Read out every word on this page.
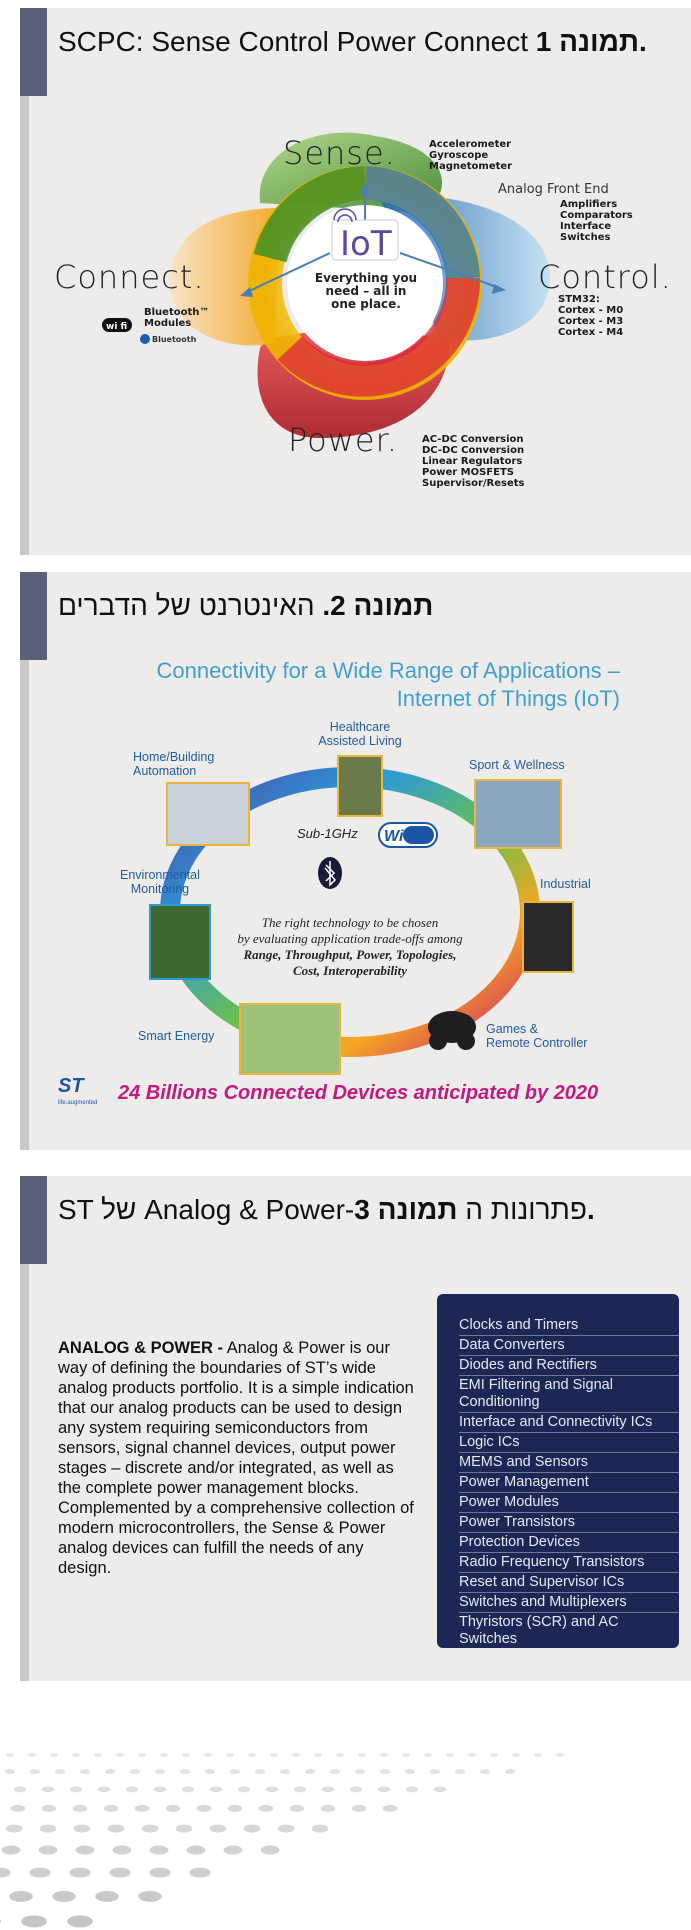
SCPC: Sense Control Power Connect תמונה 1.
IoT
wi fi
Bluetooth
Sense.	Accelerometer
Gyroscope
Magnetometer
Analog Front End
Amplifiers
Comparators
Interface
Switches
Control.
STM32:
Cortex - M0
Cortex - M3
Cortex - M4
Connect.
Bluetooth™
Modules
Power. AC-DC Conversion
DC-DC Conversion
Linear Regulators
Power MOSFETS
Supervisor/Resets
Everything you
need – all in
one place.
תמונה 2. האינטרנט של הדברים
Connectivity for a Wide Range of Applications –
Internet of Things (IoT)
Wi Fi
ST
life.augmented
Healthcare
Assisted Living
Home/Building
Automation	Sport & Wellness
Environmental
Monitoring	Industrial
Smart Energy	Games &
Remote Controller
Sub-1GHz
The right technology to be chosen
by evaluating application trade-offs among
Range, Throughput, Power, Topologies,
Cost, Interoperability
24 Billions Connected Devices anticipated by 2020
ST של Analog & Power-פתרונות ה תמונה 3.
ANALOG & POWER - Analog & Power is our way of defining the boundaries of ST’s wide analog products portfolio. It is a simple indication that our analog products can be used to design any system requiring semiconductors from sensors, signal channel devices, output power stages – discrete and/or integrated, as well as the complete power management blocks. Complemented by a comprehensive collection of modern microcontrollers, the Sense & Power analog devices can fulfill the needs of any design.
Clocks and Timers
Data Converters
Diodes and Rectifiers
EMI Filtering and Signal Conditioning
Interface and Connectivity ICs
Logic ICs
MEMS and Sensors
Power Management
Power Modules
Power Transistors
Protection Devices
Radio Frequency Transistors
Reset and Supervisor ICs
Switches and Multiplexers
Thyristors (SCR) and AC Switches
